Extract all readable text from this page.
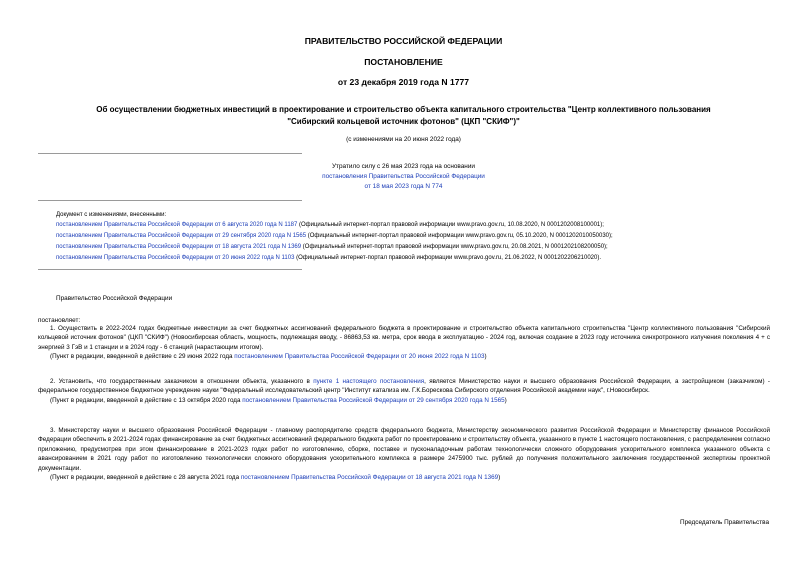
ПРАВИТЕЛЬСТВО РОССИЙСКОЙ ФЕДЕРАЦИИ
ПОСТАНОВЛЕНИЕ
от 23 декабря 2019 года N 1777
Об осуществлении бюджетных инвестиций в проектирование и строительство объекта капитального строительства "Центр коллективного пользования
"Сибирский кольцевой источник фотонов" (ЦКП "СКИФ")"
(с изменениями на 20 июня 2022 года)
Утратило силу с 26 мая 2023 года на основании
постановления Правительства Российской Федерации
от 18 мая 2023 года N 774
Документ с изменениями, внесенными:
постановлением Правительства Российской Федерации от 6 августа 2020 года N 1187 (Официальный интернет-портал правовой информации www.pravo.gov.ru, 10.08.2020, N 0001202008100001);
постановлением Правительства Российской Федерации от 29 сентября 2020 года N 1565 (Официальный интернет-портал правовой информации www.pravo.gov.ru, 05.10.2020, N 0001202010050030);
постановлением Правительства Российской Федерации от 18 августа 2021 года N 1369 (Официальный интернет-портал правовой информации www.pravo.gov.ru, 20.08.2021, N 0001202108200050);
постановлением Правительства Российской Федерации от 20 июня 2022 года N 1103 (Официальный интернет-портал правовой информации www.pravo.gov.ru, 21.06.2022, N 0001202206210020).
Правительство Российской Федерации
постановляет:

1. Осуществить в 2022-2024 годах бюджетные инвестиции за счет бюджетных ассигнований федерального бюджета в проектирование и строительство объекта капитального строительства "Центр коллективного пользования "Сибирский кольцевой источник фотонов" (ЦКП "СКИФ") (Новосибирская область, мощность, подлежащая вводу, - 86863,53 кв. метра, срок ввода в эксплуатацию - 2024 год, включая создание в 2023 году источника синхротронного излучения поколения 4 + с энергией 3 ГэВ и 1 станции и в 2024 году - 6 станций (нарастающим итогом).

(Пункт в редакции, введенной в действие с 29 июня 2022 года постановлением Правительства Российской Федерации от 20 июня 2022 года N 1103)

2. Установить, что государственным заказчиком в отношении объекта, указанного в пункте 1 настоящего постановления, является Министерство науки и высшего образования Российской Федерации, а застройщиком (заказчиком) - федеральное государственное бюджетное учреждение науки "Федеральный исследовательский центр "Институт катализа им. Г.К.Борескова Сибирского отделения Российской академии наук", г.Новосибирск.

(Пункт в редакции, введенной в действие с 13 октября 2020 года постановлением Правительства Российской Федерации от 29 сентября 2020 года N 1565)

3. Министерству науки и высшего образования Российской Федерации - главному распорядителю средств федерального бюджета, Министерству экономического развития Российской Федерации и Министерству финансов Российской Федерации обеспечить в 2021-2024 годах финансирование за счет бюджетных ассигнований федерального бюджета работ по проектированию и строительству объекта, указанного в пункте 1 настоящего постановления, с распределением согласно приложению, предусмотрев при этом финансирование в 2021-2023 годах работ по изготовлению, сборке, поставке и пусконаладочным работам технологически сложного оборудования ускорительного комплекса указанного объекта с авансированием в 2021 году работ по изготовлению технологически сложного оборудования ускорительного комплекса в размере 2475900 тыс. рублей до получения положительного заключения государственной экспертизы проектной документации.

(Пункт в редакции, введенной в действие с 28 августа 2021 года постановлением Правительства Российской Федерации от 18 августа 2021 года N 1369)

Председатель Правительства
